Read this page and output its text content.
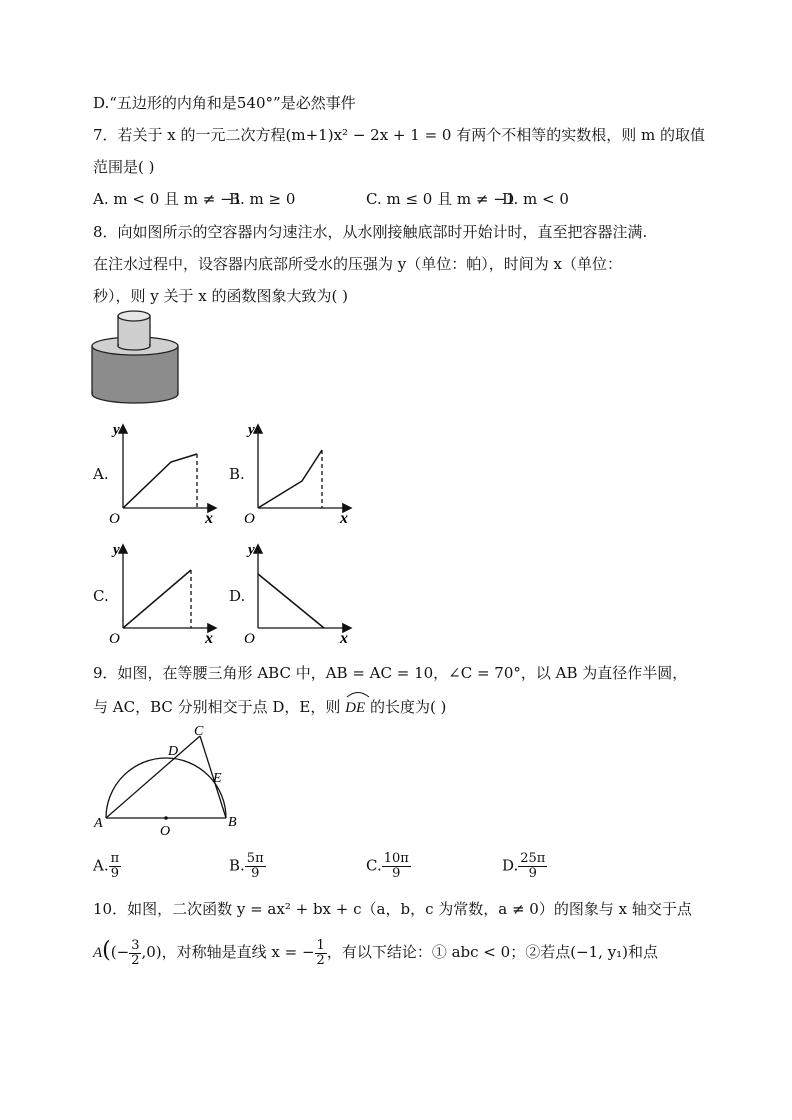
D.“五边形的内角和是540°”是必然事件
7．若关于 x 的一元二次方程(m+1)x² − 2x + 1 = 0 有两个不相等的实数根，则 m 的取值
范围是( )
A. m < 0 且 m ≠ −1
B. m ≥ 0	C. m ≤ 0 且 m ≠ −1
D. m < 0
8．向如图所示的空容器内匀速注水，从水刚接触底部时开始计时，直至把容器注满.
在注水过程中，设容器内底部所受水的压强为 y（单位：帕），时间为 x（单位：
秒），则 y 关于 x 的函数图象大致为( )
A.	B.
C.	D.
y
x
O
y
x
O
y
x
O
y
x
O
9．如图，在等腰三角形 ABC 中，AB = AC = 10，∠C = 70°，以 AB 为直径作半圆，
与 AC，BC 分别相交于点 D，E，则 DE 的长度为( )
A	B
C
D
E
O
A. $\frac{\pi}{9}$	B. $\frac{5\pi}{9}$	C. $\frac{10\pi}{9}$	D. $\frac{25\pi}{9}$
10．如图，二次函数 y = ax² + bx + c（a，b，c 为常数，a ≠ 0）的图象与 x 轴交于点
$A((- \frac{3}{2} ,0)$，对称轴是直线 x = − $\frac{1}{2}$ ，有以下结论：① abc < 0；②若点(−1, y₁)和点
